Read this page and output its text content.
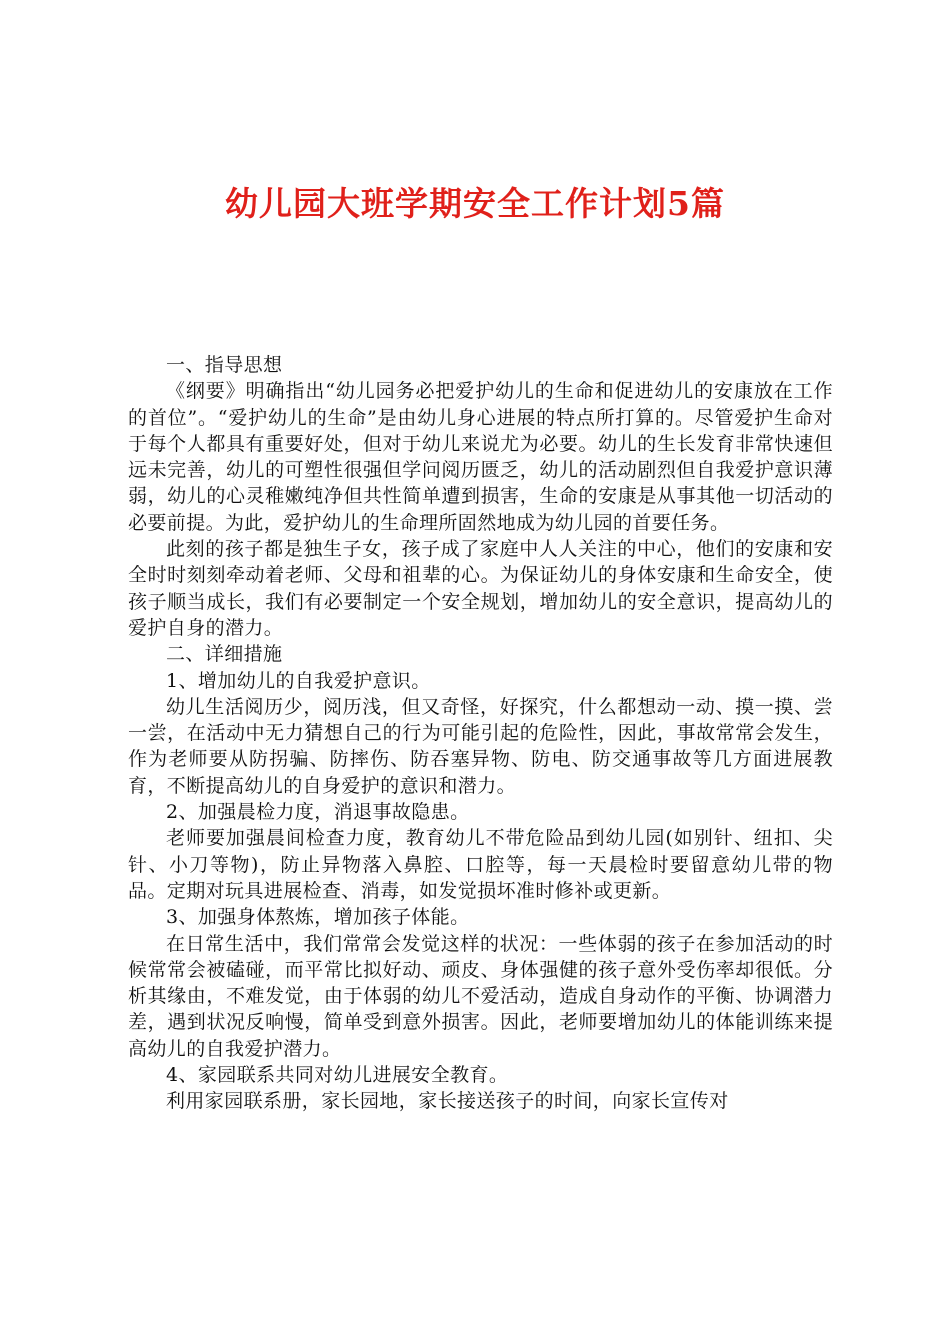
幼儿园大班学期安全工作计划5篇

一、指导思想

《纲要》明确指出“幼儿园务必把爱护幼儿的生命和促进幼儿的安康放在工作的首位”。“爱护幼儿的生命”是由幼儿身心进展的特点所打算的。尽管爱护生命对于每个人都具有重要好处，但对于幼儿来说尤为必要。幼儿的生长发育非常快速但远未完善，幼儿的可塑性很强但学问阅历匮乏，幼儿的活动剧烈但自我爱护意识薄弱，幼儿的心灵稚嫩纯净但共性简单遭到损害，生命的安康是从事其他一切活动的必要前提。为此，爱护幼儿的生命理所固然地成为幼儿园的首要任务。

此刻的孩子都是独生子女，孩子成了家庭中人人关注的中心，他们的安康和安全时时刻刻牵动着老师、父母和祖辈的心。为保证幼儿的身体安康和生命安全，使孩子顺当成长，我们有必要制定一个安全规划，增加幼儿的安全意识，提高幼儿的爱护自身的潜力。

二、详细措施

1、增加幼儿的自我爱护意识。

幼儿生活阅历少，阅历浅，但又奇怪，好探究，什么都想动一动、摸一摸、尝一尝，在活动中无力猜想自己的行为可能引起的危险性，因此，事故常常会发生，作为老师要从防拐骗、防摔伤、防吞塞异物、防电、防交通事故等几方面进展教育，不断提高幼儿的自身爱护的意识和潜力。

2、加强晨检力度，消退事故隐患。

老师要加强晨间检查力度，教育幼儿不带危险品到幼儿园(如别针、纽扣、尖针、小刀等物)，防止异物落入鼻腔、口腔等，每一天晨检时要留意幼儿带的物品。定期对玩具进展检查、消毒，如发觉损坏准时修补或更新。

3、加强身体熬炼，增加孩子体能。

在日常生活中，我们常常会发觉这样的状况：一些体弱的孩子在参加活动的时候常常会被磕碰，而平常比拟好动、顽皮、身体强健的孩子意外受伤率却很低。分析其缘由，不难发觉，由于体弱的幼儿不爱活动，造成自身动作的平衡、协调潜力差，遇到状况反响慢，简单受到意外损害。因此，老师要增加幼儿的体能训练来提高幼儿的自我爱护潜力。

4、家园联系共同对幼儿进展安全教育。

利用家园联系册，家长园地，家长接送孩子的时间，向家长宣传对
